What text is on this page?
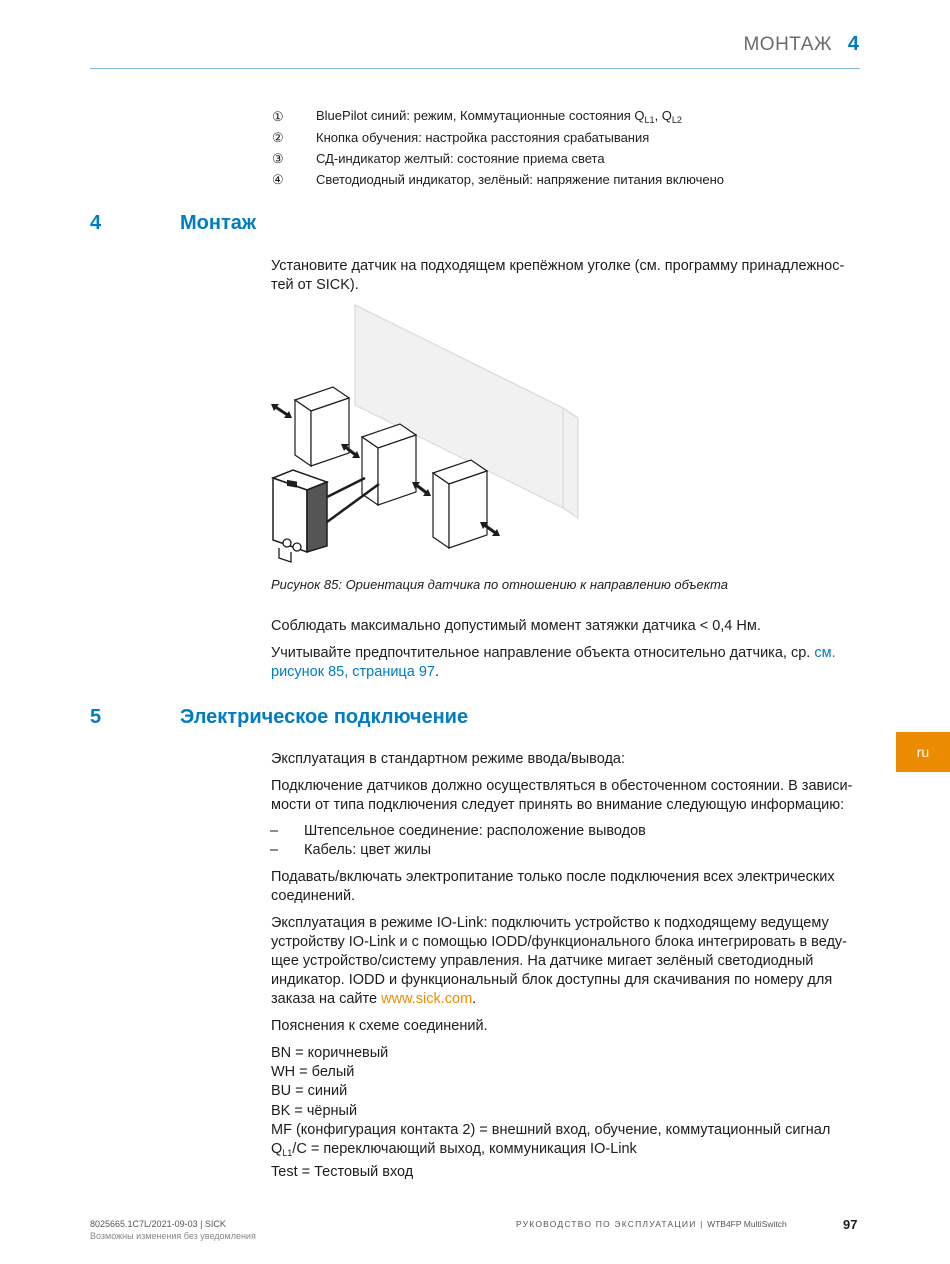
МОНТАЖ 4
①	BluePilot синий: режим, Коммутационные состояния $Q_{L1}$, $Q_{L2}$
②	Кнопка обучения: настройка расстояния срабатывания
③	СД-индикатор желтый: состояние приема света
④	Светодиодный индикатор, зелёный: напряжение питания включено
4	Монтаж

Установите датчик на подходящем крепёжном уголке (см. программу принадлежнос-тей от SICK).

Рисунок 85: Ориентация датчика по отношению к направлению объекта

Соблюдать максимально допустимый момент затяжки датчика < 0,4 Нм.

Учитывайте предпочтительное направление объекта относительно датчика, ср. см. рисунок 85, страница 97.

5	Электрическое подключение

Эксплуатация в стандартном режиме ввода/вывода:

Подключение датчиков должно осуществляться в обесточенном состоянии. В зависи-мости от типа подключения следует принять во внимание следующую информацию:

–	Штепсельное соединение: расположение выводов
–	Кабель: цвет жилы

Подавать/включать электропитание только после подключения всех электрических соединений.

Эксплуатация в режиме IO-Link: подключить устройство к подходящему ведущему устройству IO-Link и с помощью IODD/функционального блока интегрировать в веду-щее устройство/систему управления. На датчике мигает зелёный светодиодный индикатор. IODD и функциональный блок доступны для скачивания по номеру для заказа на сайте www.sick.com.

Пояснения к схеме соединений.

BN = коричневый
WH = белый
BU = синий
BK = чёрный
MF (конфигурация контакта 2) = внешний вход, обучение, коммутационный сигнал
$Q_{L1}/C$ = переключающий выход, коммуникация IO-Link
Test = Тестовый вход
ru
8025665.1C7L/2021-09-03 | SICK
Возможны изменения без уведомления
РУКОВОДСТВО ПО ЭКСПЛУАТАЦИИ | WTB4FP MultiSwitch	97
